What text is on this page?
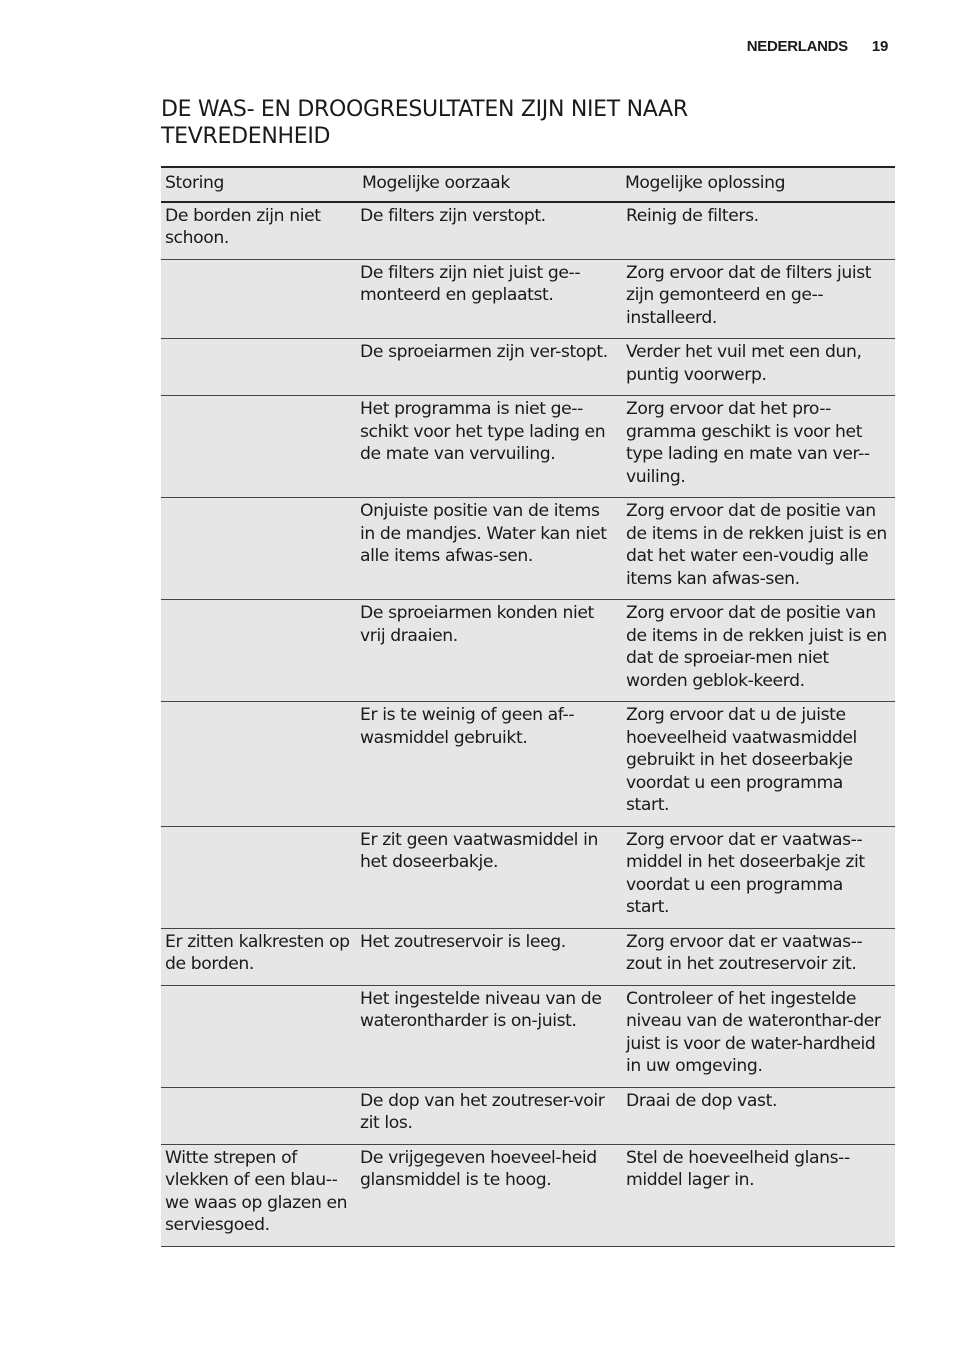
NEDERLANDS 19
DE WAS- EN DROOGRESULTATEN ZIJN NIET NAAR TEVREDENHEID
Storing	Mogelijke oorzaak	Mogelijke oplossing
De borden zijn niet schoon.	De filters zijn verstopt.	Reinig de filters.
	De filters zijn niet juist ge-monteerd en geplaatst.	Zorg ervoor dat de filters juist zijn gemonteerd en ge-installeerd.
	De sproeiarmen zijn ver-stopt.	Verder het vuil met een dun, puntig voorwerp.
	Het programma is niet ge-schikt voor het type lading en de mate van vervuiling.	Zorg ervoor dat het pro-gramma geschikt is voor het type lading en mate van ver-vuiling.
	Onjuiste positie van de items in de mandjes. Water kan niet alle items afwas-sen.	Zorg ervoor dat de positie van de items in de rekken juist is en dat het water een-voudig alle items kan afwas-sen.
	De sproeiarmen konden niet vrij draaien.	Zorg ervoor dat de positie van de items in de rekken juist is en dat de sproeiar-men niet worden geblok-keerd.
	Er is te weinig of geen af-wasmiddel gebruikt.	Zorg ervoor dat u de juiste hoeveelheid vaatwasmiddel gebruikt in het doseerbakje voordat u een programma start.
	Er zit geen vaatwasmiddel in het doseerbakje.	Zorg ervoor dat er vaatwas-middel in het doseerbakje zit voordat u een programma start.
Er zitten kalkresten op de borden.	Het zoutreservoir is leeg.	Zorg ervoor dat er vaatwas-zout in het zoutreservoir zit.
	Het ingestelde niveau van de waterontharder is on-juist.	Controleer of het ingestelde niveau van de wateronthar-der juist is voor de water-hardheid in uw omgeving.
	De dop van het zoutreser-voir zit los.	Draai de dop vast.
Witte strepen of vlekken of een blau-we waas op glazen en serviesgoed.	De vrijgegeven hoeveel-heid glansmiddel is te hoog.	Stel de hoeveelheid glans-middel lager in.
